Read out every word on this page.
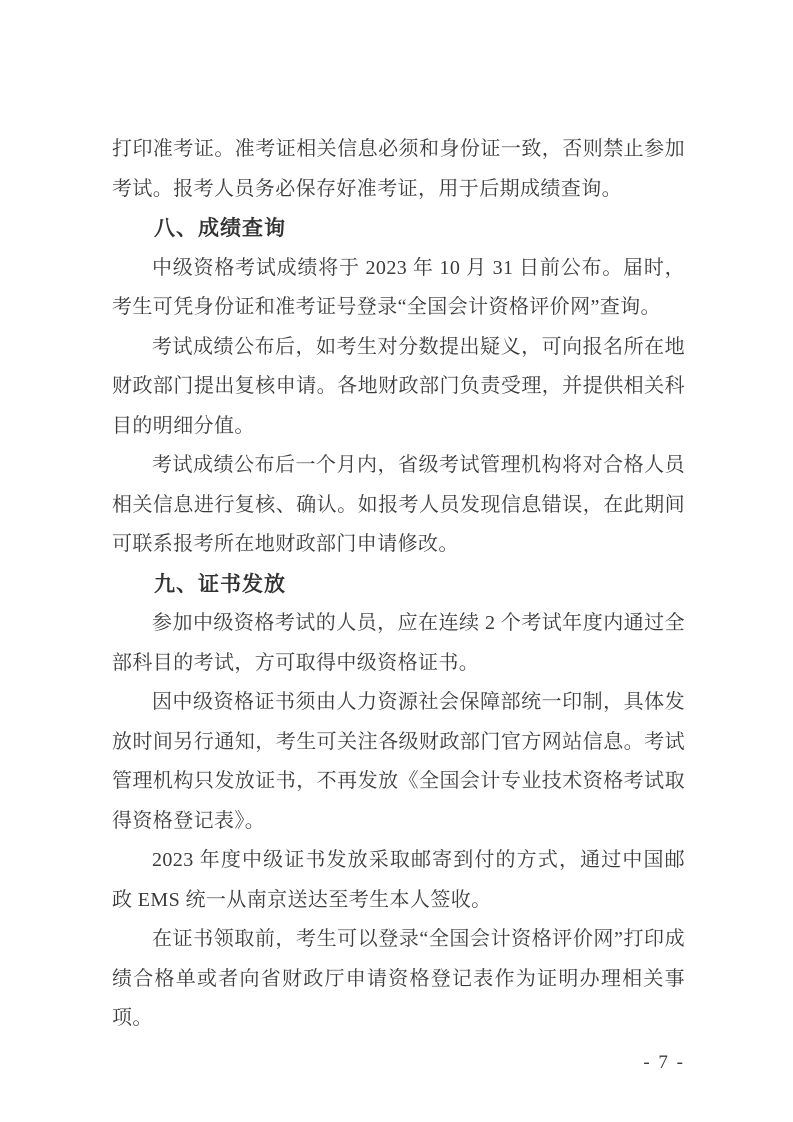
打印准考证。准考证相关信息必须和身份证一致，否则禁止参加考试。报考人员务必保存好准考证，用于后期成绩查询。

八、成绩查询

中级资格考试成绩将于 2023 年 10 月 31 日前公布。届时，考生可凭身份证和准考证号登录“全国会计资格评价网”查询。

考试成绩公布后，如考生对分数提出疑义，可向报名所在地财政部门提出复核申请。各地财政部门负责受理，并提供相关科目的明细分值。

考试成绩公布后一个月内，省级考试管理机构将对合格人员相关信息进行复核、确认。如报考人员发现信息错误，在此期间可联系报考所在地财政部门申请修改。

九、证书发放

参加中级资格考试的人员，应在连续 2 个考试年度内通过全部科目的考试，方可取得中级资格证书。

因中级资格证书须由人力资源社会保障部统一印制，具体发放时间另行通知，考生可关注各级财政部门官方网站信息。考试管理机构只发放证书，不再发放《全国会计专业技术资格考试取得资格登记表》。

2023 年度中级证书发放采取邮寄到付的方式，通过中国邮政 EMS 统一从南京送达至考生本人签收。

在证书领取前，考生可以登录“全国会计资格评价网”打印成绩合格单或者向省财政厅申请资格登记表作为证明办理相关事项。

- 7 -
